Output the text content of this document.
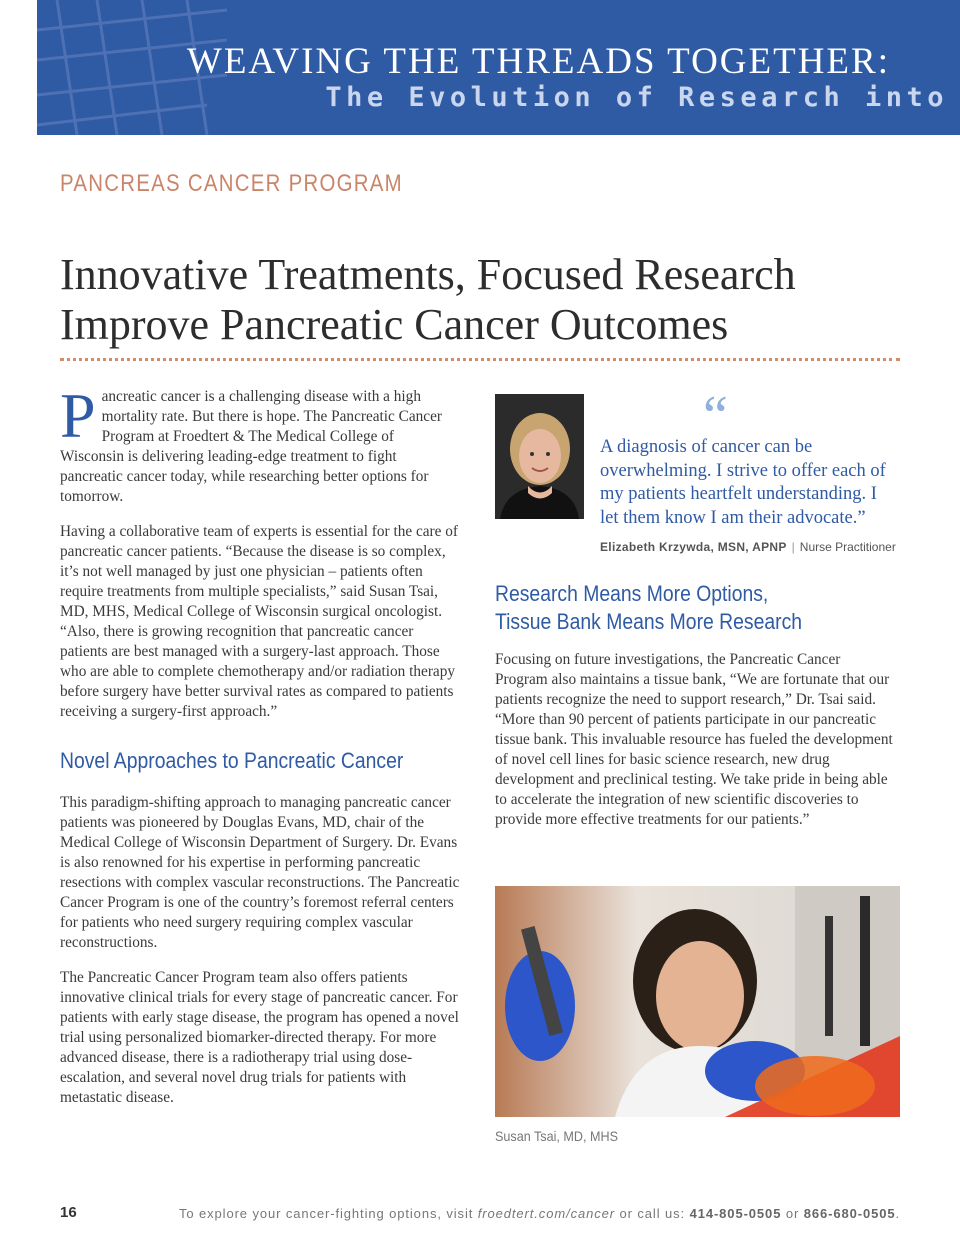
WEAVING THE THREADS TOGETHER:
The Evolution of Research into
PANCREAS CANCER PROGRAM
Innovative Treatments, Focused Research
Improve Pancreatic Cancer Outcomes

Pancreatic cancer is a challenging disease with a high mortality rate. But there is hope. The Pancreatic Cancer Program at Froedtert & The Medical College of Wisconsin is delivering leading-edge treatment to fight pancreatic cancer today, while researching better options for tomorrow.

Having a collaborative team of experts is essential for the care of pancreatic cancer patients. “Because the disease is so complex, it’s not well managed by just one physician – patients often require treatments from multiple specialists,” said Susan Tsai, MD, MHS, Medical College of Wisconsin surgical oncologist. “Also, there is growing recognition that pancreatic cancer patients are best managed with a surgery-last approach. Those who are able to complete chemotherapy and/or radiation therapy before surgery have better survival rates as compared to patients receiving a surgery-first approach.”

Novel Approaches to Pancreatic Cancer

This paradigm-shifting approach to managing pancreatic cancer patients was pioneered by Douglas Evans, MD, chair of the Medical College of Wisconsin Department of Surgery. Dr. Evans is also renowned for his expertise in performing pancreatic resections with complex vascular reconstructions. The Pancreatic Cancer Program is one of the country’s foremost referral centers for patients who need surgery requiring complex vascular reconstructions.

The Pancreatic Cancer Program team also offers patients innovative clinical trials for every stage of pancreatic cancer. For patients with early stage disease, the program has opened a novel trial using personalized biomarker-directed therapy. For more advanced disease, there is a radiotherapy trial using dose-escalation, and several novel drug trials for patients with metastatic disease.

“
A diagnosis of cancer can be overwhelming. I strive to offer each of my patients heartfelt understanding. I let them know I am their advocate.”
Elizabeth Krzywda, MSN, APNP | Nurse Practitioner
Research Means More Options,
Tissue Bank Means More Research

Focusing on future investigations, the Pancreatic Cancer Program also maintains a tissue bank, “We are fortunate that our patients recognize the need to support research,” Dr. Tsai said. “More than 90 percent of patients participate in our pancreatic tissue bank. This invaluable resource has fueled the development of novel cell lines for basic science research, new drug development and preclinical testing. We take pride in being able to accelerate the integration of new scientific discoveries to provide more effective treatments for our patients.”

Susan Tsai, MD, MHS
16	To explore your cancer-fighting options, visit froedtert.com/cancer or call us: 414-805-0505 or 866-680-0505.
